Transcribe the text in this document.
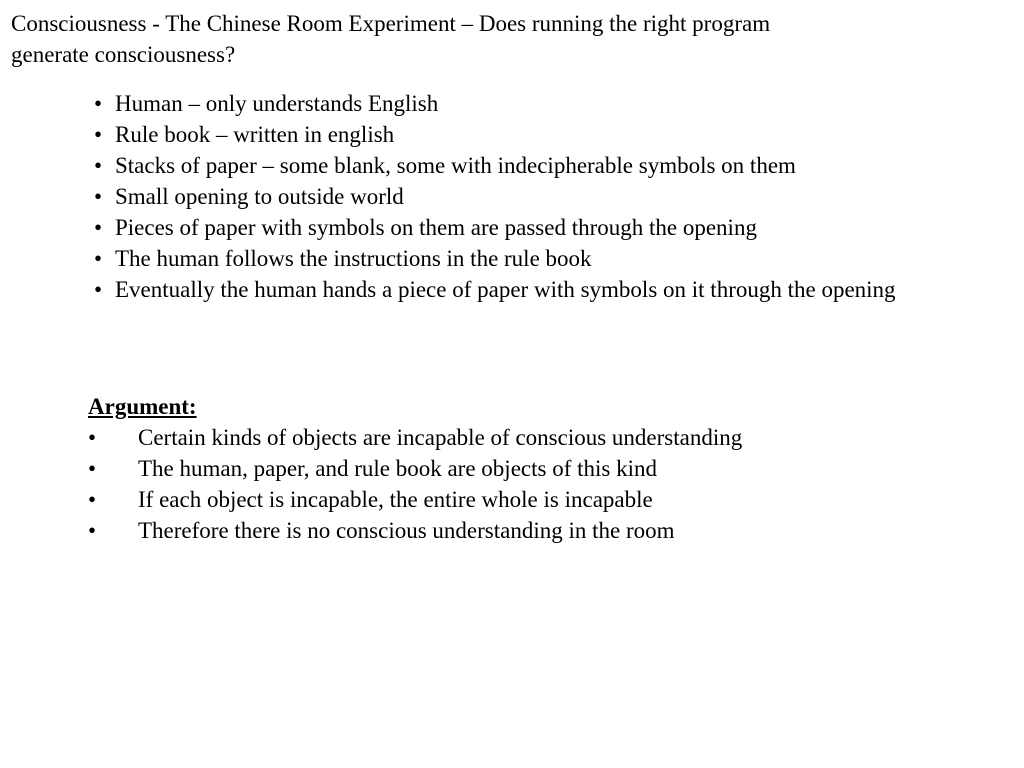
Consciousness - The Chinese Room Experiment – Does running the right program
generate consciousness?
• Human – only understands English
• Rule book – written in english
• Stacks of paper – some blank, some with indecipherable symbols on them
• Small opening to outside world
• Pieces of paper with symbols on them are passed through the opening
• The human follows the instructions in the rule book
• Eventually the human hands a piece of paper with symbols on it through the opening
Argument:
• Certain kinds of objects are incapable of conscious understanding
• The human, paper, and rule book are objects of this kind
• If each object is incapable, the entire whole is incapable
• Therefore there is no conscious understanding in the room
